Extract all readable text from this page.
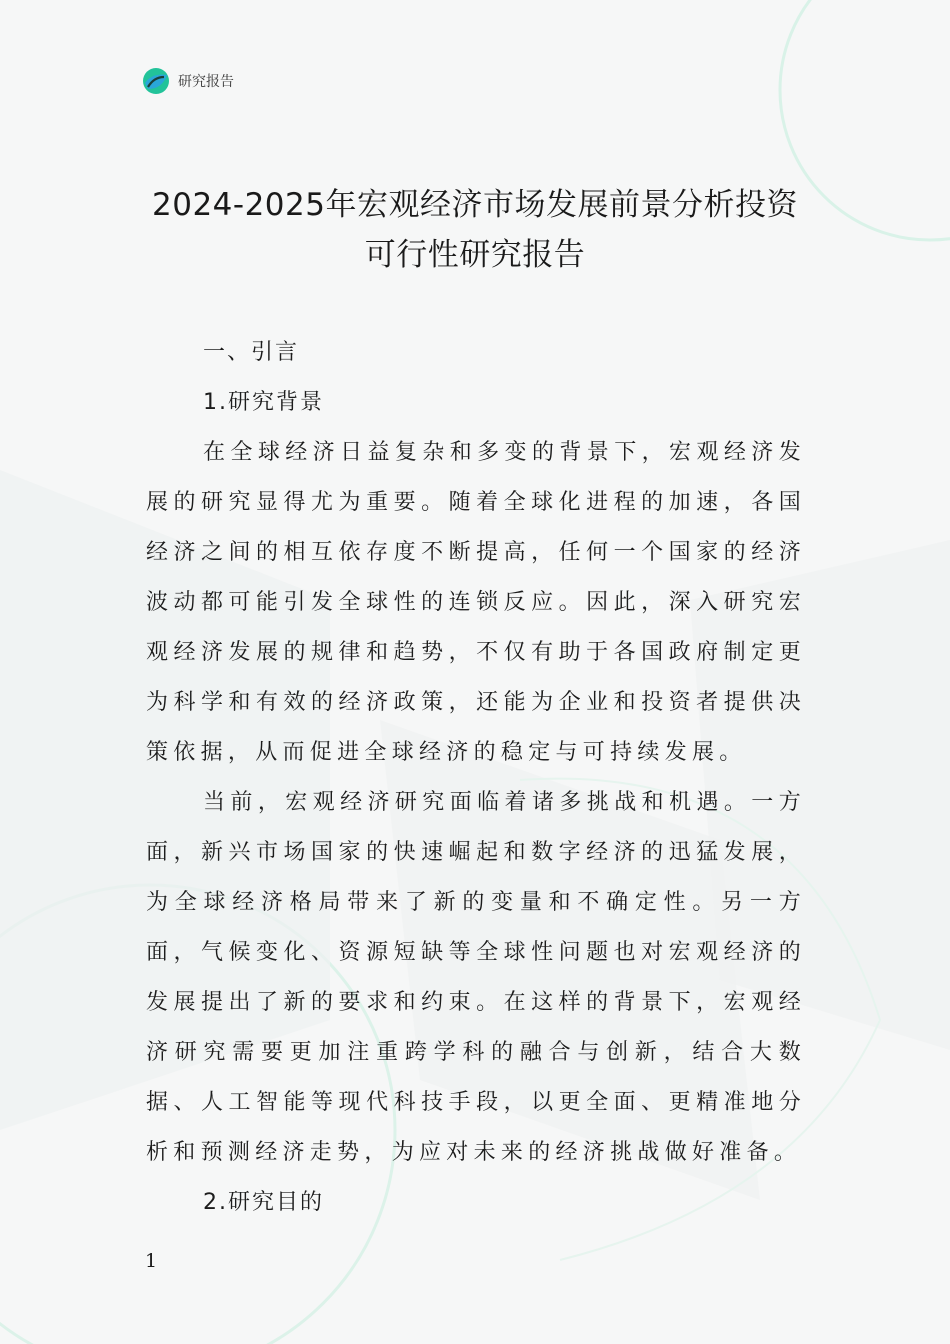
研究报告
2024-2025年宏观经济市场发展前景分析投资可行性研究报告
一、引言
1.研究背景

在全球经济日益复杂和多变的背景下，宏观经济发展的研究显得尤为重要。随着全球化进程的加速，各国经济之间的相互依存度不断提高，任何一个国家的经济波动都可能引发全球性的连锁反应。因此，深入研究宏观经济发展的规律和趋势，不仅有助于各国政府制定更为科学和有效的经济政策，还能为企业和投资者提供决策依据，从而促进全球经济的稳定与可持续发展。

当前，宏观经济研究面临着诸多挑战和机遇。一方面，新兴市场国家的快速崛起和数字经济的迅猛发展，为全球经济格局带来了新的变量和不确定性。另一方面，气候变化、资源短缺等全球性问题也对宏观经济的发展提出了新的要求和约束。在这样的背景下，宏观经济研究需要更加注重跨学科的融合与创新，结合大数据、人工智能等现代科技手段，以更全面、更精准地分析和预测经济走势，为应对未来的经济挑战做好准备。

2.研究目的
1
